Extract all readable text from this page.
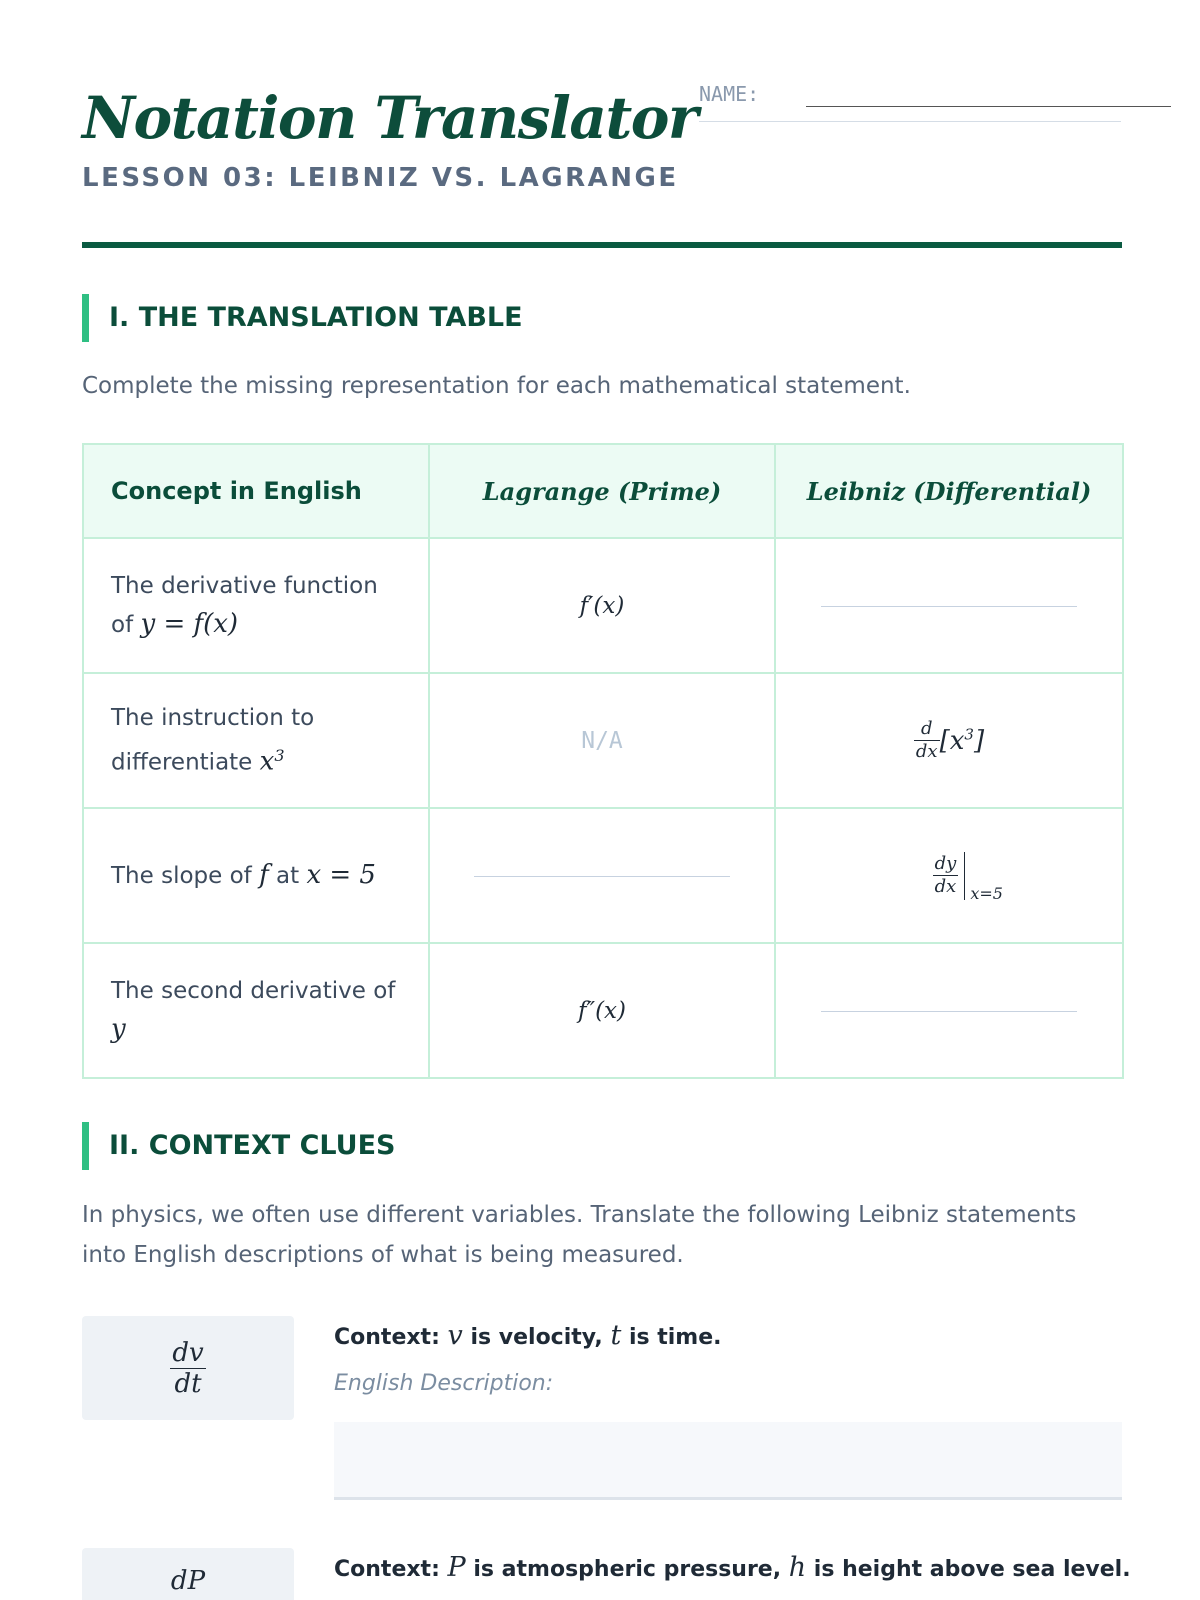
Notation Translator
LESSON 03: LEIBNIZ VS. LAGRANGE
NAME:
I. THE TRANSLATION TABLE
Complete the missing representation for each mathematical statement.
Concept in English	Lagrange (Prime)	Leibniz (Differential)
The derivative function
of y = f(x)	f′(x)	
The instruction to
differentiate $x^3$	N/A	$\frac{d}{dx} [x^3]$
The slope of f at x = 5		$\frac{dy}{dx} x=5$

The second derivative of
y	f″(x)	
II. CONTEXT CLUES
In physics, we often use different variables. Translate the following Leibniz statements into English descriptions of what is being measured.
$\frac{dv}{dt}$
Context: v is velocity, t is time.
English Description:
dP	Context: P is atmospheric pressure, h is height above sea level.
